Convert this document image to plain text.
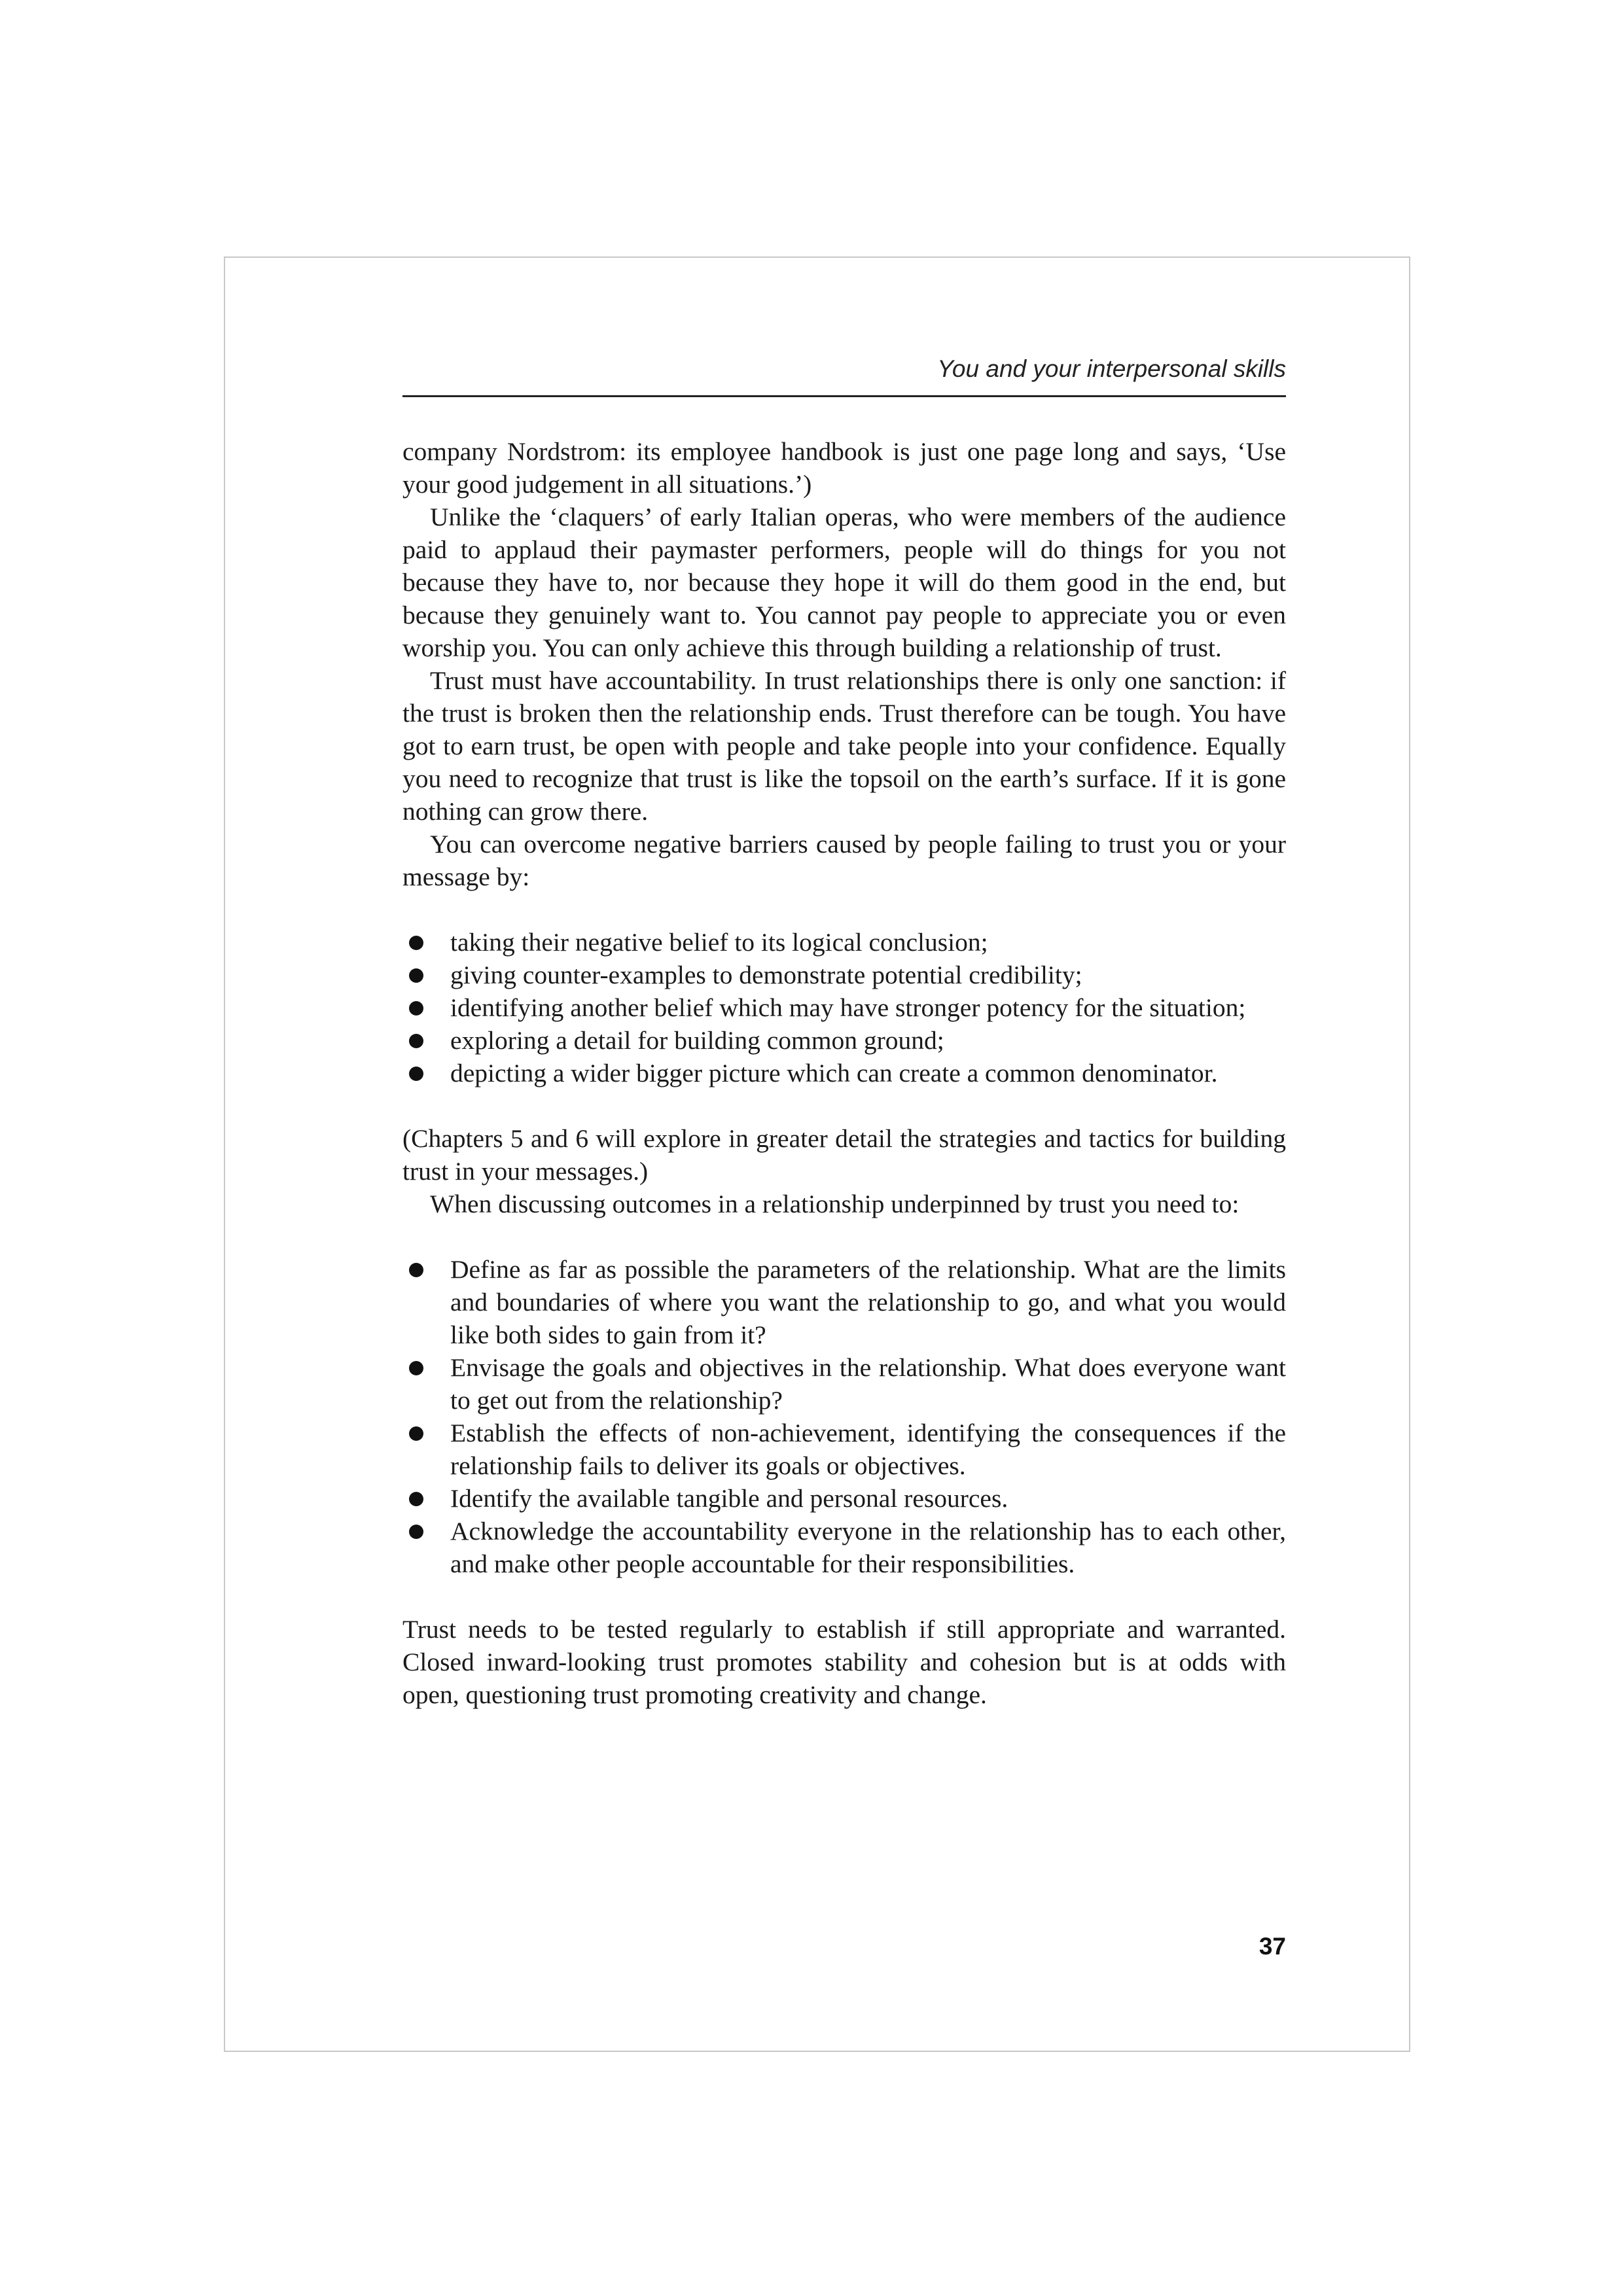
You and your interpersonal skills

company Nordstrom: its employee handbook is just one page long and says, ‘Use your good judgement in all situations.’)

Unlike the ‘claquers’ of early Italian operas, who were members of the audience paid to applaud their paymaster performers, people will do things for you not because they have to, nor because they hope it will do them good in the end, but because they genuinely want to. You cannot pay people to appreciate you or even worship you. You can only achieve this through building a relationship of trust.

Trust must have accountability. In trust relationships there is only one sanction: if the trust is broken then the relationship ends. Trust therefore can be tough. You have got to earn trust, be open with people and take people into your confidence. Equally you need to recognize that trust is like the topsoil on the earth’s surface. If it is gone nothing can grow there.

You can overcome negative barriers caused by people failing to trust you or your message by:

taking their negative belief to its logical conclusion;
giving counter-examples to demonstrate potential credibility;
identifying another belief which may have stronger potency for the situation;
exploring a detail for building common ground;
depicting a wider bigger picture which can create a common denominator.

(Chapters 5 and 6 will explore in greater detail the strategies and tactics for building trust in your messages.)

When discussing outcomes in a relationship underpinned by trust you need to:

Define as far as possible the parameters of the relationship. What are the limits and boundaries of where you want the relationship to go, and what you would like both sides to gain from it?
Envisage the goals and objectives in the relationship. What does everyone want to get out from the relationship?
Establish the effects of non-achievement, identifying the consequences if the relationship fails to deliver its goals or objectives.
Identify the available tangible and personal resources.
Acknowledge the accountability everyone in the relationship has to each other, and make other people accountable for their responsibilities.

Trust needs to be tested regularly to establish if still appropriate and warranted. Closed inward-looking trust promotes stability and cohesion but is at odds with open, questioning trust promoting creativity and change.

37
